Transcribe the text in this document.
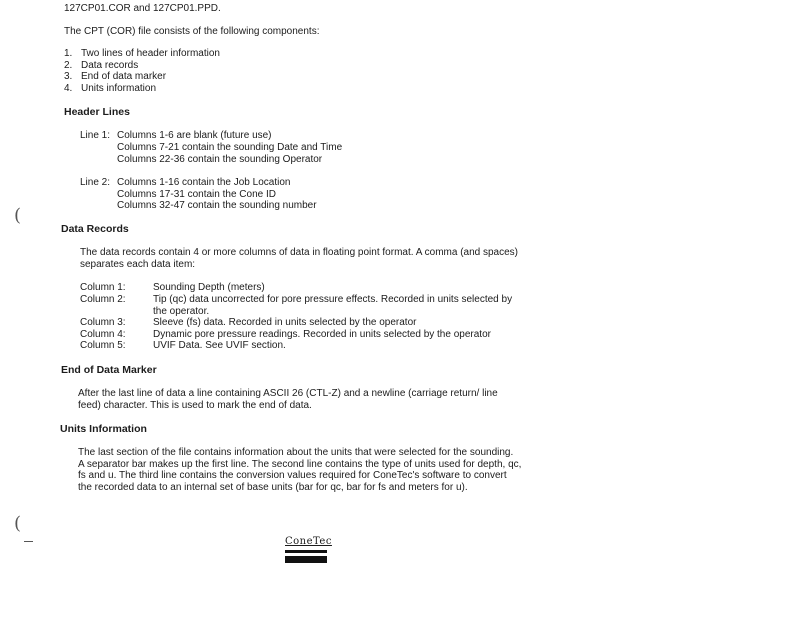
127CP01.COR and 127CP01.PPD.
The CPT (COR) file consists of the following components:
1. Two lines of header information
2. Data records
3. End of data marker
4. Units information
Header Lines
Line 1: Columns 1-6 are blank (future use)
Columns 7-21 contain the sounding Date and Time
Columns 22-36 contain the sounding Operator
Line 2: Columns 1-16 contain the Job Location
Columns 17-31 contain the Cone ID
Columns 32-47 contain the sounding number
(
(
Data Records
The data records contain 4 or more columns of data in floating point format. A comma (and spaces)
separates each data item:
Column 1:	Sounding Depth (meters)
Column 2:	Tip (qc) data uncorrected for pore pressure effects. Recorded in units selected by
the operator.
Column 3:	Sleeve (fs) data. Recorded in units selected by the operator
Column 4:	Dynamic pore pressure readings. Recorded in units selected by the operator
Column 5:	UVIF Data. See UVIF section.
End of Data Marker
After the last line of data a line containing ASCII 26 (CTL-Z) and a newline (carriage return/ line
feed) character. This is used to mark the end of data.
Units Information
The last section of the file contains information about the units that were selected for the sounding.
A separator bar makes up the first line. The second line contains the type of units used for depth, qc,
fs and u. The third line contains the conversion values required for ConeTec's software to convert
the recorded data to an internal set of base units (bar for qc, bar for fs and meters for u).
ConeTec
